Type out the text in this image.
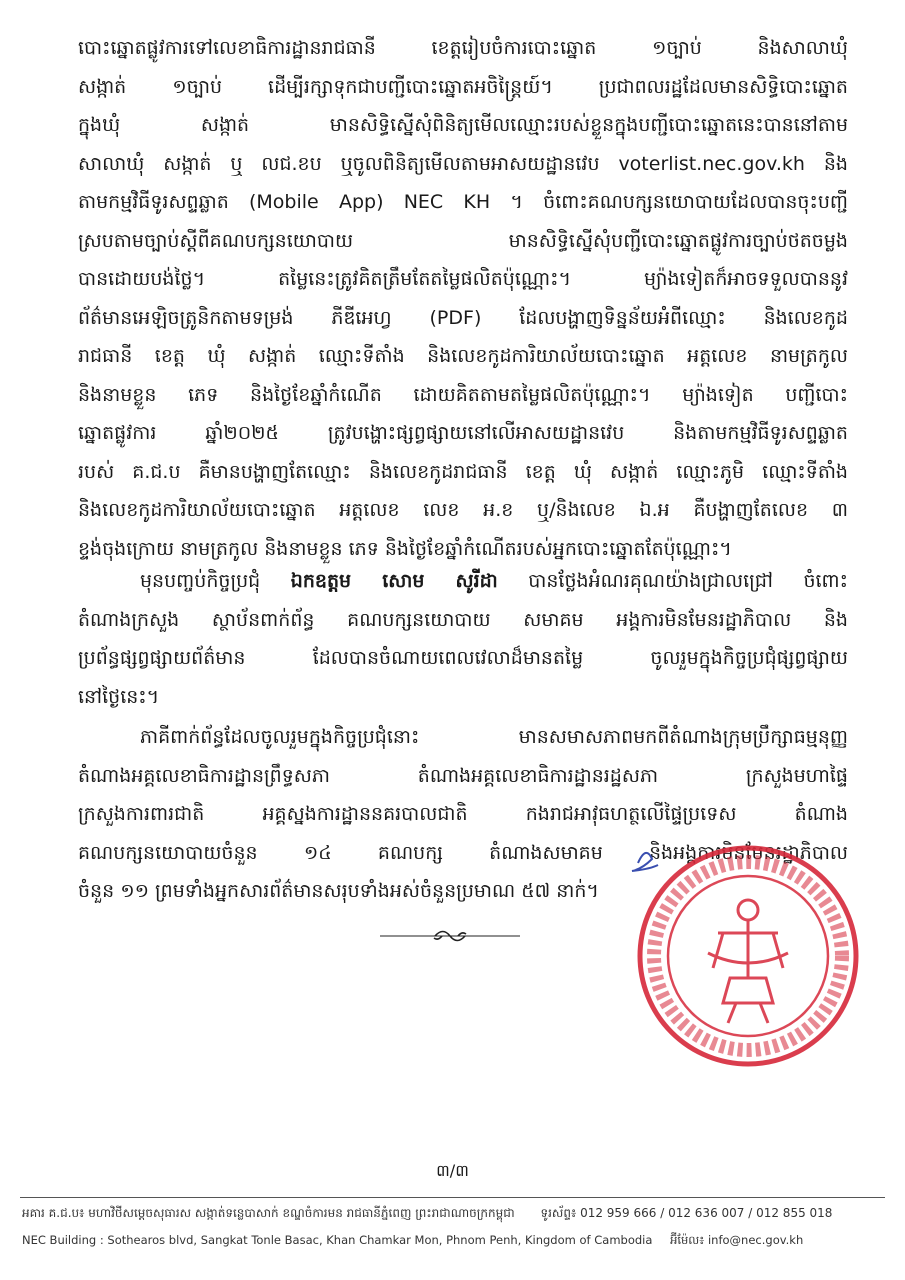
បោះឆ្នោតផ្លូវការទៅលេខាធិការដ្ឋានរាជធានី ខេត្តរៀបចំការបោះឆ្នោត ១ច្បាប់ និងសាលាឃុំ
សង្កាត់ ១ច្បាប់ ដើម្បីរក្សាទុកជាបញ្ជីបោះឆ្នោតអចិន្ត្រៃយ៍។ ប្រជាពលរដ្ឋដែលមានសិទ្ធិបោះឆ្នោត
ក្នុងឃុំ សង្កាត់ មានសិទ្ធិស្នើសុំពិនិត្យមើលឈ្មោះរបស់ខ្លួនក្នុងបញ្ជីបោះឆ្នោតនេះបាននៅតាម
សាលាឃុំ សង្កាត់ ឬ លជ.ខប ឬចូលពិនិត្យមើលតាមអាសយដ្ឋានវេប voterlist.nec.gov.kh និង
តាមកម្មវិធីទូរសព្ទឆ្លាត (Mobile App) NEC KH ។ ចំពោះគណបក្សនយោបាយដែលបានចុះបញ្ជី
ស្របតាមច្បាប់ស្តីពីគណបក្សនយោបាយ មានសិទ្ធិស្នើសុំបញ្ជីបោះឆ្នោតផ្លូវការច្បាប់ថតចម្លង
បានដោយបង់ថ្លៃ។ តម្លៃនេះត្រូវគិតត្រឹមតែតម្លៃផលិតប៉ុណ្ណោះ។ ម្យ៉ាងទៀតក៏អាចទទួលបាននូវ
ព័ត៌មានអេឡិចត្រូនិកតាមទម្រង់ ភីឌីអេហ្វ (PDF) ដែលបង្ហាញទិន្នន័យអំពីឈ្មោះ និងលេខកូដ
រាជធានី ខេត្ត ឃុំ សង្កាត់ ឈ្មោះទីតាំង និងលេខកូដការិយាល័យបោះឆ្នោត អត្តលេខ នាមត្រកូល
និងនាមខ្លួន ភេទ និងថ្ងៃខែឆ្នាំកំណើត ដោយគិតតាមតម្លៃផលិតប៉ុណ្ណោះ។ ម្យ៉ាងទៀត បញ្ជីបោះ
ឆ្នោតផ្លូវការ ឆ្នាំ២០២៥ ត្រូវបង្ហោះផ្សព្វផ្សាយនៅលើអាសយដ្ឋានវេប និងតាមកម្មវិធីទូរសព្ទឆ្លាត
របស់ គ.ជ.ប គឺមានបង្ហាញតែឈ្មោះ និងលេខកូដរាជធានី ខេត្ត ឃុំ សង្កាត់ ឈ្មោះភូមិ ឈ្មោះទីតាំង
និងលេខកូដការិយាល័យបោះឆ្នោត អត្តលេខ លេខ អ.ខ ឬ/និងលេខ ឯ.អ គឺបង្ហាញតែលេខ ៣
ខ្ទង់ចុងក្រោយ នាមត្រកូល និងនាមខ្លួន ភេទ និងថ្ងៃខែឆ្នាំកំណើតរបស់អ្នកបោះឆ្នោតតែប៉ុណ្ណោះ។
មុនបញ្ចប់កិច្ចប្រជុំ ឯកឧត្តម សោម សូរីដា បានថ្លែងអំណរគុណយ៉ាងជ្រាលជ្រៅ ចំពោះ
តំណាងក្រសួង ស្ថាប័នពាក់ព័ន្ធ គណបក្សនយោបាយ សមាគម អង្គការមិនមែនរដ្ឋាភិបាល និង
ប្រព័ន្ធផ្សព្វផ្សាយព័ត៌មាន ដែលបានចំណាយពេលវេលាដ៏មានតម្លៃ ចូលរួមក្នុងកិច្ចប្រជុំផ្សព្វផ្សាយ
នៅថ្ងៃនេះ។
ភាគីពាក់ព័ន្ធដែលចូលរួមក្នុងកិច្ចប្រជុំនោះ មានសមាសភាពមកពីតំណាងក្រុមប្រឹក្សាធម្មនុញ្ញ
តំណាងអគ្គលេខាធិការដ្ឋានព្រឹទ្ធសភា តំណាងអគ្គលេខាធិការដ្ឋានរដ្ឋសភា ក្រសួងមហាផ្ទៃ
ក្រសួងការពារជាតិ អគ្គស្នងការដ្ឋាននគរបាលជាតិ កងរាជអាវុធហត្ថលើផ្ទៃប្រទេស តំណាង
គណបក្សនយោបាយចំនួន ១៤ គណបក្ស តំណាងសមាគម និងអង្គការមិនមែនរដ្ឋាភិបាល
ចំនួន ១១ ព្រមទាំងអ្នកសារព័ត៌មានសរុបទាំងអស់ចំនួនប្រមាណ ៥៧ នាក់។
៣/៣
អគារ គ.ជ.ប៖ មហាវិថីសម្តេចសុធារស សង្កាត់ទន្លេបាសាក់ ខណ្ឌចំការមន រាជធានីភ្នំពេញ ព្រះរាជាណាចក្រកម្ពុជា ទូរស័ព្ទ៖ 012 959 666 / 012 636 007 / 012 855 018
NEC Building : Sothearos blvd, Sangkat Tonle Basac, Khan Chamkar Mon, Phnom Penh, Kingdom of Cambodia អ៊ីម៉ែល៖ info@nec.gov.kh
